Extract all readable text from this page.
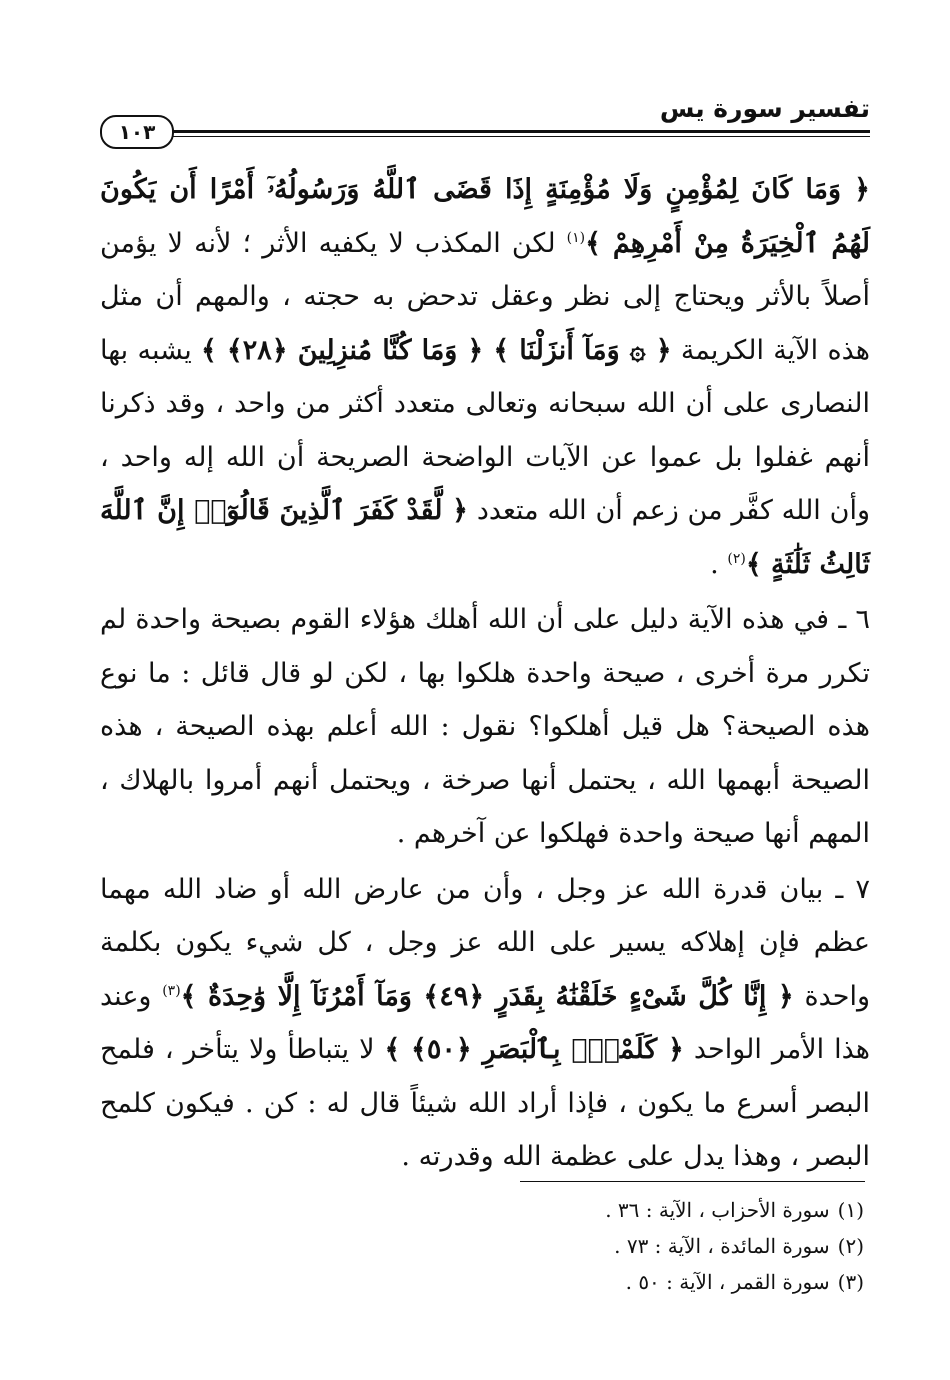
تفسير سورة يس
١٠٣

﴿ وَمَا كَانَ لِمُؤْمِنٍ وَلَا مُؤْمِنَةٍ إِذَا قَضَى ٱللَّهُ وَرَسُولُهُۥٓ أَمْرًا أَن يَكُونَ لَهُمُ ٱلْخِيَرَةُ مِنْ أَمْرِهِمْ ﴾$^{(١)}$ لكن المكذب لا يكفيه الأثر ؛ لأنه لا يؤمن أصلاً بالأثر ويحتاج إلى نظر وعقل تدحض به حجته ، والمهم أن مثل هذه الآية الكريمة ﴿ ۞ وَمَآ أَنزَلْنَا ﴾ ﴿ وَمَا كُنَّا مُنزِلِينَ ﴿٢٨﴾ ﴾ يشبه بها النصارى على أن الله سبحانه وتعالى متعدد أكثر من واحد ، وقد ذكرنا أنهم غفلوا بل عموا عن الآيات الواضحة الصريحة أن الله إله واحد ، وأن الله كفَّر من زعم أن الله متعدد ﴿ لَّقَدْ كَفَرَ ٱلَّذِينَ قَالُوٓا۟ إِنَّ ٱللَّهَ ثَالِثُ ثَلَٰثَةٍ ﴾$^{(٢)}$ .

٦ ـ في هذه الآية دليل على أن الله أهلك هؤلاء القوم بصيحة واحدة لم تكرر مرة أخرى ، صيحة واحدة هلكوا بها ، لكن لو قال قائل : ما نوع هذه الصيحة؟ هل قيل أهلكوا؟ نقول : الله أعلم بهذه الصيحة ، هذه الصيحة أبهمها الله ، يحتمل أنها صرخة ، ويحتمل أنهم أمروا بالهلاك ، المهم أنها صيحة واحدة فهلكوا عن آخرهم .

٧ ـ بيان قدرة الله عز وجل ، وأن من عارض الله أو ضاد الله مهما عظم فإن إهلاكه يسير على الله عز وجل ، كل شيء يكون بكلمة واحدة ﴿ إِنَّا كُلَّ شَىْءٍ خَلَقْنَٰهُ بِقَدَرٍ ﴿٤٩﴾ وَمَآ أَمْرُنَآ إِلَّا وَٰحِدَةٌ ﴾$^{(٣)}$ وعند هذا الأمر الواحد ﴿ كَلَمْحٍۭ بِٱلْبَصَرِ ﴿٥٠﴾ ﴾ لا يتباطأ ولا يتأخر ، فلمح البصر أسرع ما يكون ، فإذا أراد الله شيئاً قال له : كن . فيكون كلمح البصر ، وهذا يدل على عظمة الله وقدرته .

(١)سورة الأحزاب ، الآية : ٣٦ .
(٢)سورة المائدة ، الآية : ٧٣ .
(٣)سورة القمر ، الآية : ٥٠ .
